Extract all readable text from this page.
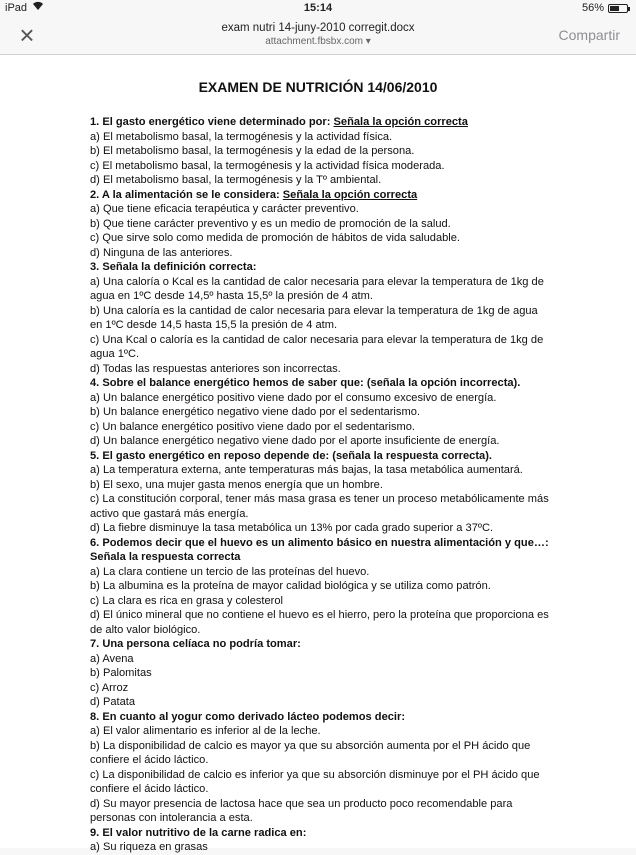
iPad	15:14	56%
×	exam nutri 14-juny-2010 corregit.docx
attachment.fbsbx.com ▾	Compartir
EXAMEN DE NUTRICIÓN 14/06/2010

1. El gasto energético viene determinado por: Señala la opción correcta

a) El metabolismo basal, la termogénesis y la actividad física.

b) El metabolismo basal, la termogénesis y la edad de la persona.

c) El metabolismo basal, la termogénesis y la actividad física moderada.

d) El metabolismo basal, la termogénesis y la Tº ambiental.

2. A la alimentación se le considera: Señala la opción correcta

a) Que tiene eficacia terapéutica y carácter preventivo.

b) Que tiene carácter preventivo y es un medio de promoción de la salud.

c) Que sirve solo como medida de promoción de hábitos de vida saludable.

d) Ninguna de las anteriores.

3. Señala la definición correcta:

a) Una caloría o Kcal es la cantidad de calor necesaria para elevar la temperatura de 1kg de agua en 1ºC desde 14,5º hasta 15,5º la presión de 4 atm.

b) Una caloría es la cantidad de calor necesaria para elevar la temperatura de 1kg de agua en 1ºC desde 14,5 hasta 15,5 la presión de 4 atm.

c) Una Kcal o caloría es la cantidad de calor necesaria para elevar la temperatura de 1kg de agua 1ºC.

d) Todas las respuestas anteriores son incorrectas.

4. Sobre el balance energético hemos de saber que: (señala la opción incorrecta).

a) Un balance energético positivo viene dado por el consumo excesivo de energía.

b) Un balance energético negativo viene dado por el sedentarismo.

c) Un balance energético positivo viene dado por el sedentarismo.

d) Un balance energético negativo viene dado por el aporte insuficiente de energía.

5. El gasto energético en reposo depende de: (señala la respuesta correcta).

a) La temperatura externa, ante temperaturas más bajas, la tasa metabólica aumentará.

b) El sexo, una mujer gasta menos energía que un hombre.

c) La constitución corporal, tener más masa grasa es tener un proceso metabólicamente más activo que gastará más energía.

d) La fiebre disminuye la tasa metabólica un 13% por cada grado superior a 37ºC.

6. Podemos decir que el huevo es un alimento básico en nuestra alimentación y que…: Señala la respuesta correcta

a) La clara contiene un tercio de las proteínas del huevo.

b) La albumina es la proteína de mayor calidad biológica y se utiliza como patrón.

c) La clara es rica en grasa y colesterol

d) El único mineral que no contiene el huevo es el hierro, pero la proteína que proporciona es de alto valor biológico.

7. Una persona celíaca no podría tomar:

a) Avena

b) Palomitas

c) Arroz

d) Patata

8. En cuanto al yogur como derivado lácteo podemos decir:

a) El valor alimentario es inferior al de la leche.

b) La disponibilidad de calcio es mayor ya que su absorción aumenta por el PH ácido que confiere el ácido láctico.

c) La disponibilidad de calcio es inferior ya que su absorción disminuye por el PH ácido que confiere el ácido láctico.

d) Su mayor presencia de lactosa hace que sea un producto poco recomendable para personas con intolerancia a esta.

9. El valor nutritivo de la carne radica en:

a) Su riqueza en grasas
